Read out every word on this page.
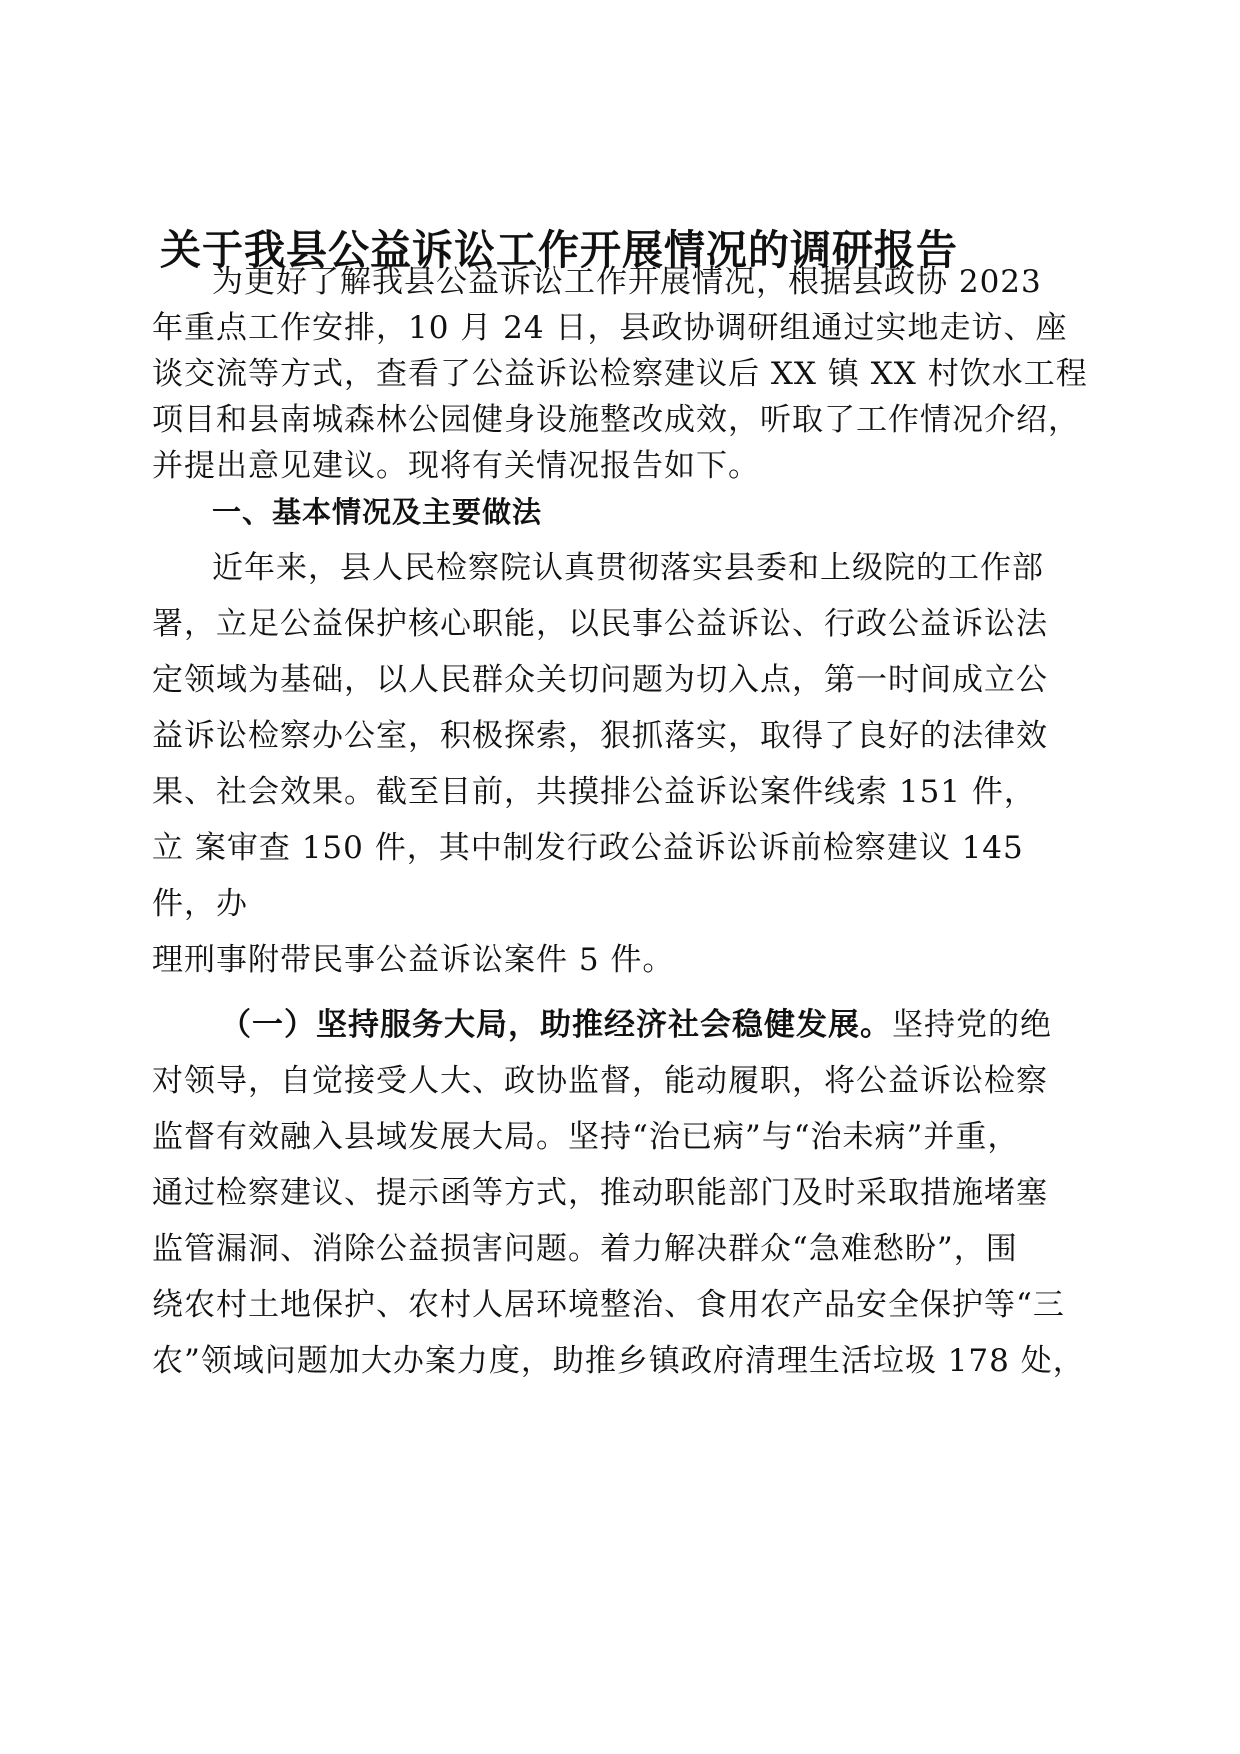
关于我县公益诉讼工作开展情况的调研报告
为更好了解我县公益诉讼工作开展情况，根据县政协 2023
年重点工作安排，10 月 24 日，县政协调研组通过实地走访、座
谈交流等方式，查看了公益诉讼检察建议后 XX 镇 XX 村饮水工程
项目和县南城森林公园健身设施整改成效，听取了工作情况介绍，
并提出意见建议。现将有关情况报告如下。
一、基本情况及主要做法
近年来，县人民检察院认真贯彻落实县委和上级院的工作部
署，立足公益保护核心职能，以民事公益诉讼、行政公益诉讼法
定领域为基础，以人民群众关切问题为切入点，第一时间成立公
益诉讼检察办公室，积极探索，狠抓落实，取得了良好的法律效
果、社会效果。截至目前，共摸排公益诉讼案件线索 151 件，
立 案审查 150 件，其中制发行政公益诉讼诉前检察建议 145
件，办
理刑事附带民事公益诉讼案件 5 件。
（一）坚持服务大局，助推经济社会稳健发展。坚持党的绝
对领导，自觉接受人大、政协监督，能动履职，将公益诉讼检察
监督有效融入县域发展大局。坚持“治已病”与“治未病”并重，
通过检察建议、提示函等方式，推动职能部门及时采取措施堵塞
监管漏洞、消除公益损害问题。着力解决群众“急难愁盼”，围
绕农村土地保护、农村人居环境整治、食用农产品安全保护等“三
农”领域问题加大办案力度，助推乡镇政府清理生活垃圾 178 处，
